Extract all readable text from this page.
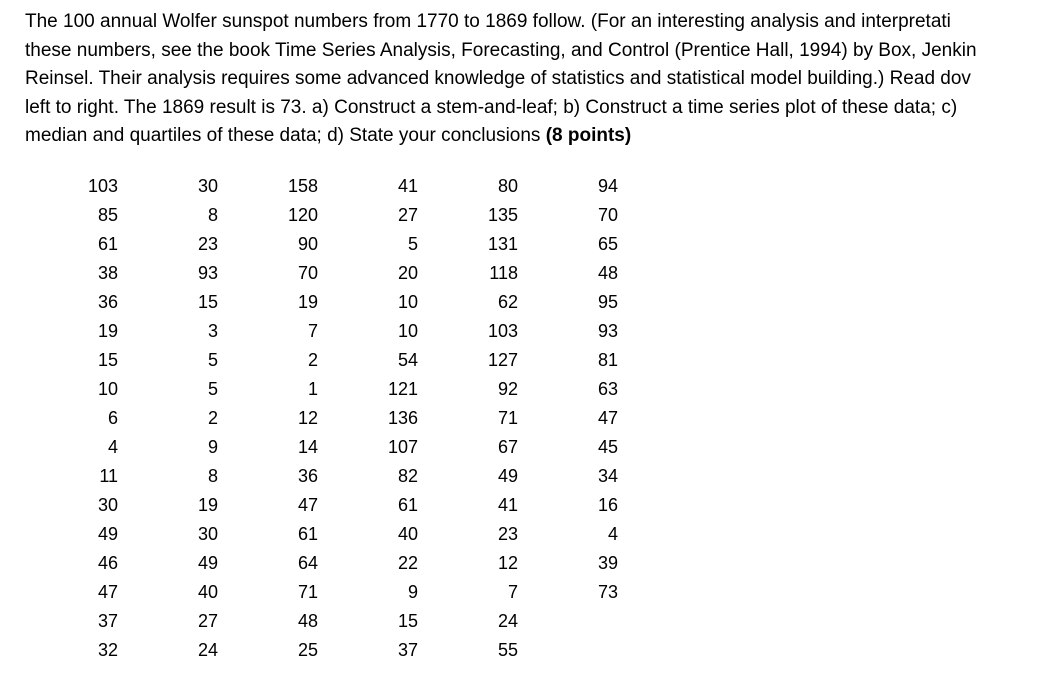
The 100 annual Wolfer sunspot numbers from 1770 to 1869 follow. (For an interesting analysis and interpretati
these numbers, see the book Time Series Analysis, Forecasting, and Control (Prentice Hall, 1994) by Box, Jenkin
Reinsel. Their analysis requires some advanced knowledge of statistics and statistical model building.) Read dov
left to right. The 1869 result is 73. a) Construct a stem-and-leaf; b) Construct a time series plot of these data; c)
median and quartiles of these data; d) State your conclusions (8 points)
103
85
61
38
36
19
15
10
6
4
11
30
49
46
47
37
32
30
8
23
93
15
3
5
5
2
9
8
19
30
49
40
27
24
158
120
90
70
19
7
2
1
12
14
36
47
61
64
71
48
25
41
27
5
20
10
10
54
121
136
107
82
61
40
22
9
15
37
80
135
131
118
62
103
127
92
71
67
49
41
23
12
7
24
55
94
70
65
48
95
93
81
63
47
45
34
16
4
39
73
